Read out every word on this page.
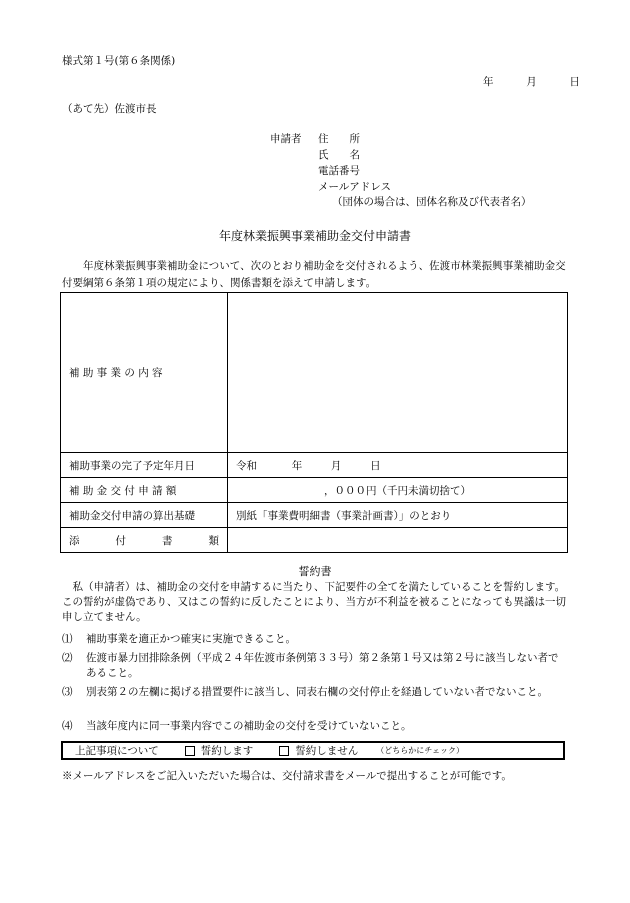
様式第１号(第６条関係)
年	月	日
（あて先）佐渡市長
申請者	住　　所
氏　　名
電話番号
メールアドレス
（団体の場合は、団体名称及び代表者名）
年度林業振興事業補助金交付申請書
年度林業振興事業補助金について、次のとおり補助金を交付されるよう、佐渡市林業振興事業補助金交付要綱第６条第１項の規定により、関係書類を添えて申請します。
補 助 事 業 の 内 容	
補助事業の完了予定年月日	令和 年 月 日
補 助 金 交 付 申 請 額	，０００円（千円未満切捨て）
補助金交付申請の算出基礎	別紙「事業費明細書（事業計画書）」のとおり

添 付 書 類	

誓約書
私（申請者）は、補助金の交付を申請するに当たり、下記要件の全てを満たしていることを誓約します。この誓約が虚偽であり、又はこの誓約に反したことにより、当方が不利益を被ることになっても異議は一切申し立てません。
⑴	補助事業を適正かつ確実に実施できること。
⑵	佐渡市暴力団排除条例（平成２４年佐渡市条例第３３号）第２条第１号又は第２号に該当しない者であること。
⑶	別表第２の左欄に掲げる措置要件に該当し、同表右欄の交付停止を経過していない者でないこと。
⑷	当該年度内に同一事業内容でこの補助金の交付を受けていないこと。
上記事項について	誓約します	誓約しません （どちらかにチェック）
※メールアドレスをご記入いただいた場合は、交付請求書をメールで提出することが可能です。
